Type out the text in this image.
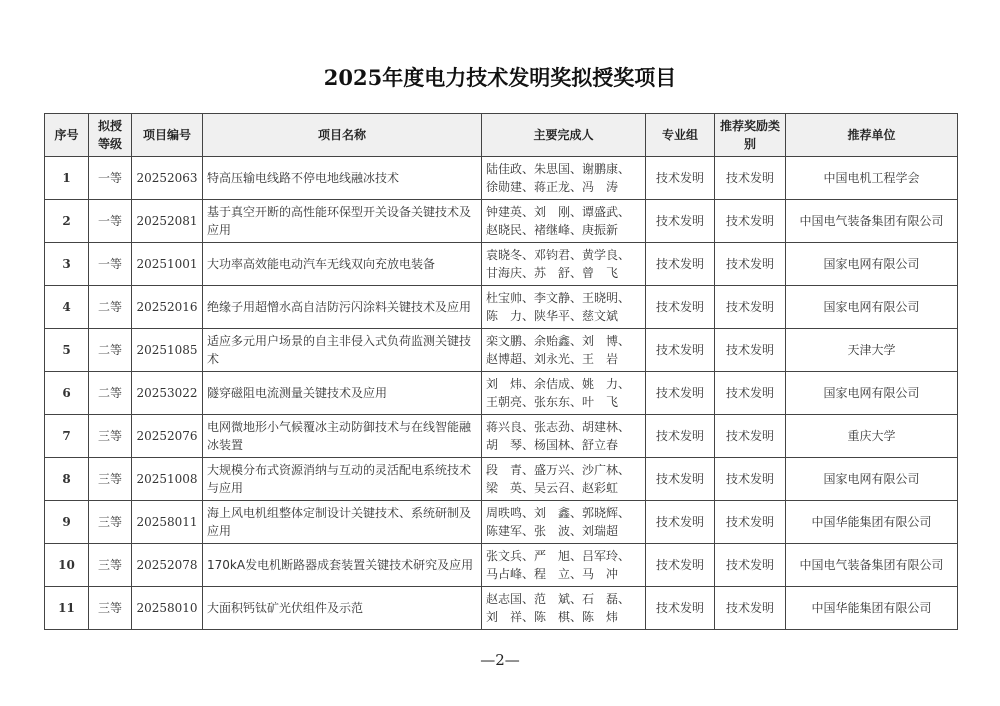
2025年度电力技术发明奖拟授奖项目
序号	拟授等级	项目编号	项目名称	主要完成人	专业组	推荐奖励类别	推荐单位
1	一等	20252063	特高压输电线路不停电地线融冰技术	陆佳政、朱思国、谢鹏康、徐勋建、蒋正龙、冯　涛	技术发明	技术发明	中国电机工程学会
2	一等	20252081	基于真空开断的高性能环保型开关设备关键技术及应用	钟建英、刘　刚、谭盛武、赵晓民、褚继峰、庚振新	技术发明	技术发明	中国电气装备集团有限公司
3	一等	20251001	大功率高效能电动汽车无线双向充放电装备	袁晓冬、邓钧君、黄学良、甘海庆、苏　舒、曾　飞	技术发明	技术发明	国家电网有限公司
4	二等	20252016	绝缘子用超憎水高自洁防污闪涂料关键技术及应用	杜宝帅、李文静、王晓明、陈　力、陕华平、慈文斌	技术发明	技术发明	国家电网有限公司
5	二等	20251085	适应多元用户场景的自主非侵入式负荷监测关键技术	栾文鹏、余贻鑫、刘　博、赵博超、刘永光、王　岩	技术发明	技术发明	天津大学
6	二等	20253022	隧穿磁阻电流测量关键技术及应用	刘　炜、余佶成、姚　力、王朝亮、张东东、叶　飞	技术发明	技术发明	国家电网有限公司
7	三等	20252076	电网微地形小气候覆冰主动防御技术与在线智能融冰装置	蒋兴良、张志劲、胡建林、胡　琴、杨国林、舒立春	技术发明	技术发明	重庆大学
8	三等	20251008	大规模分布式资源消纳与互动的灵活配电系统技术与应用	段　青、盛万兴、沙广林、梁　英、吴云召、赵彩虹	技术发明	技术发明	国家电网有限公司
9	三等	20258011	海上风电机组整体定制设计关键技术、系统研制及应用	周昳鸣、刘　鑫、郭晓辉、陈建军、张　波、刘瑞超	技术发明	技术发明	中国华能集团有限公司
10	三等	20252078	170kA发电机断路器成套装置关键技术研究及应用	张文兵、严　旭、吕军玲、马占峰、程　立、马　冲	技术发明	技术发明	中国电气装备集团有限公司
11	三等	20258010	大面积钙钛矿光伏组件及示范	赵志国、范　斌、石　磊、刘　祥、陈　棋、陈　炜	技术发明	技术发明	中国华能集团有限公司
—2—
